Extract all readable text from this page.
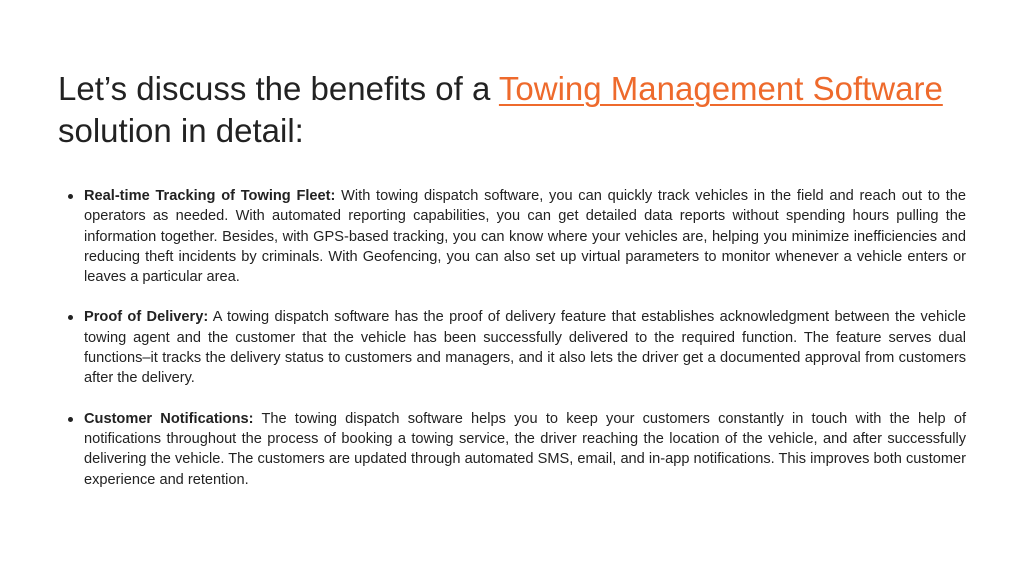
Let’s discuss the benefits of a Towing Management Software solution in detail:
Real-time Tracking of Towing Fleet: With towing dispatch software, you can quickly track vehicles in the field and reach out to the operators as needed. With automated reporting capabilities, you can get detailed data reports without spending hours pulling the information together. Besides, with GPS-based tracking, you can know where your vehicles are, helping you minimize inefficiencies and reducing theft incidents by criminals. With Geofencing, you can also set up virtual parameters to monitor whenever a vehicle enters or leaves a particular area.
Proof of Delivery: A towing dispatch software has the proof of delivery feature that establishes acknowledgment between the vehicle towing agent and the customer that the vehicle has been successfully delivered to the required function. The feature serves dual functions–it tracks the delivery status to customers and managers, and it also lets the driver get a documented approval from customers after the delivery.
Customer Notifications: The towing dispatch software helps you to keep your customers constantly in touch with the help of notifications throughout the process of booking a towing service, the driver reaching the location of the vehicle, and after successfully delivering the vehicle. The customers are updated through automated SMS, email, and in-app notifications. This improves both customer experience and retention.
